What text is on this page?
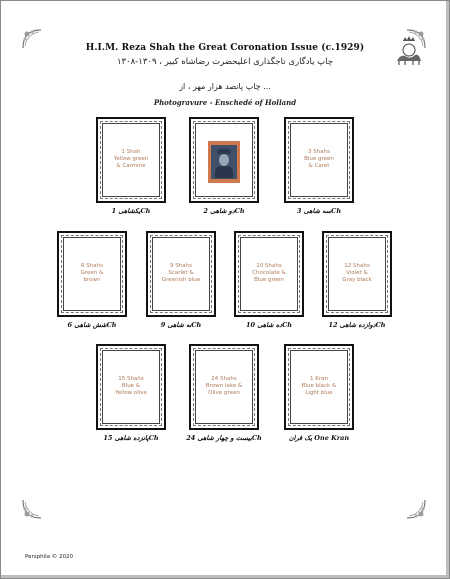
H.I.M. Reza Shah the Great Coronation Issue (c.1929)
۱۳۰۸-۱۳۰۹ ، چاپ یادگاری تاجگذاری اعلیحضرت رضاشاه کبیر
چاپ پانصد هزار مهر ، از ...
Photogravure - Enschedé of Holland
1 Shah
Yellow green
& Carmine
3 Shahs
Blue green
& Caret
یکشاهی 1Ch	دو شاهی 2Ch	سه شاهی 3Ch
6 Shahs
Green &
brown
9 Shahs
Scarlet &
Greenish blue
10 Shahs
Chocolate &
Blue green
12 Shahs
Violet &
Gray black
شش شاهی 6Ch	نه شاهی 9Ch	ده شاهی 10Ch	دوازده شاهی 12Ch
15 Shahs
Blue &
Yellow olive
24 Shahs
Brown lake &
Olive green
1 Kran
Blue black &
Light blue
پانزده شاهی 15Ch	بیست و چهار شاهی 24Ch	یک قران One Kran
Persphila © 2020
